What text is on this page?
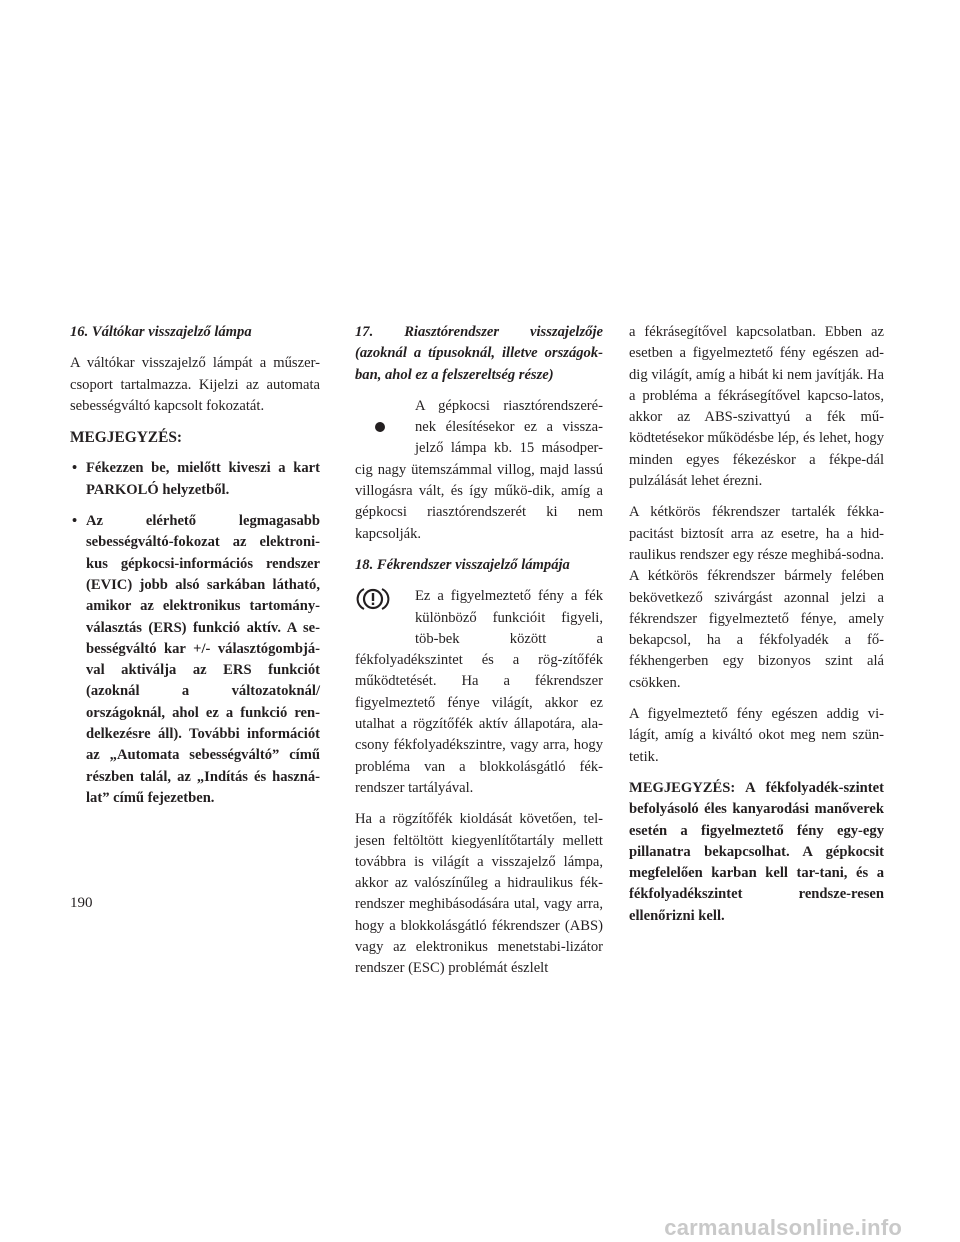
16. Váltókar visszajelző lámpa

A váltókar visszajelző lámpát a műszer-csoport tartalmazza. Kijelzi az automata sebességváltó kapcsolt fokozatát.

MEGJEGYZÉS:
• Fékezzen be, mielőtt kiveszi a kart PARKOLÓ helyzetből.
• Az elérhető legmagasabb sebességváltó-fokozat az elektroni-kus gépkocsi-információs rendszer (EVIC) jobb alsó sarkában látható, amikor az elektronikus tartomány-választás (ERS) funkció aktív. A se-bességváltó kar +/- választógombjá-val aktiválja az ERS funkciót (azoknál a változatoknál/ országoknál, ahol ez a funkció ren-delkezésre áll). További információt az „Automata sebességváltó” című részben talál, az „Indítás és haszná-lat” című fejezetben.
17. Riasztórendszer visszajelzője (azoknál a típusoknál, illetve országok-ban, ahol ez a felszereltség része)

A gépkocsi riasztórendszeré-nek élesítésekor ez a vissza-jelző lámpa kb. 15 másodper-cig nagy ütemszámmal villog, majd lassú villogásra vált, és így műkö-dik, amíg a gépkocsi riasztórendszerét ki nem kapcsolják.

18. Fékrendszer visszajelző lámpája

Ez a figyelmeztető fény a fék különböző funkcióit figyeli, töb-bek között a fékfolyadékszintet és a rög-zítőfék működtetését. Ha a fékrendszer figyelmeztető fénye világít, akkor ez utalhat a rögzítőfék aktív állapotára, ala-csony fékfolyadékszintre, vagy arra, hogy probléma van a blokkolásgátló fék-rendszer tartályával.

Ha a rögzítőfék kioldását követően, tel-jesen feltöltött kiegyenlítőtartály mellett továbbra is világít a visszajelző lámpa, akkor az valószínűleg a hidraulikus fék-rendszer meghibásodására utal, vagy arra, hogy a blokkolásgátló fékrendszer (ABS) vagy az elektronikus menetstabi-lizátor rendszer (ESC) problémát észlelt

a fékrásegítővel kapcsolatban. Ebben az esetben a figyelmeztető fény egészen ad-dig világít, amíg a hibát ki nem javítják. Ha a probléma a fékrásegítővel kapcso-latos, akkor az ABS-szivattyú a fék mű-ködtetésekor működésbe lép, és lehet, hogy minden egyes fékezéskor a fékpe-dál pulzálását lehet érezni.

A kétkörös fékrendszer tartalék fékka-pacitást biztosít arra az esetre, ha a hid-raulikus rendszer egy része meghibá-sodna. A kétkörös fékrendszer bármely felében bekövetkező szivárgást azonnal jelzi a fékrendszer figyelmeztető fénye, amely bekapcsol, ha a fékfolyadék a fő-fékhengerben egy bizonyos szint alá csökken.

A figyelmeztető fény egészen addig vi-lágít, amíg a kiváltó okot meg nem szün-tetik.

MEGJEGYZÉS: A fékfolyadék-szintet befolyásoló éles kanyarodási manőverek esetén a figyelmeztető fény egy-egy pillanatra bekapcsolhat. A gépkocsit megfelelően karban kell tar-tani, és a fékfolyadékszintet rendsze-resen ellenőrizni kell.
190
carmanualsonline.info
